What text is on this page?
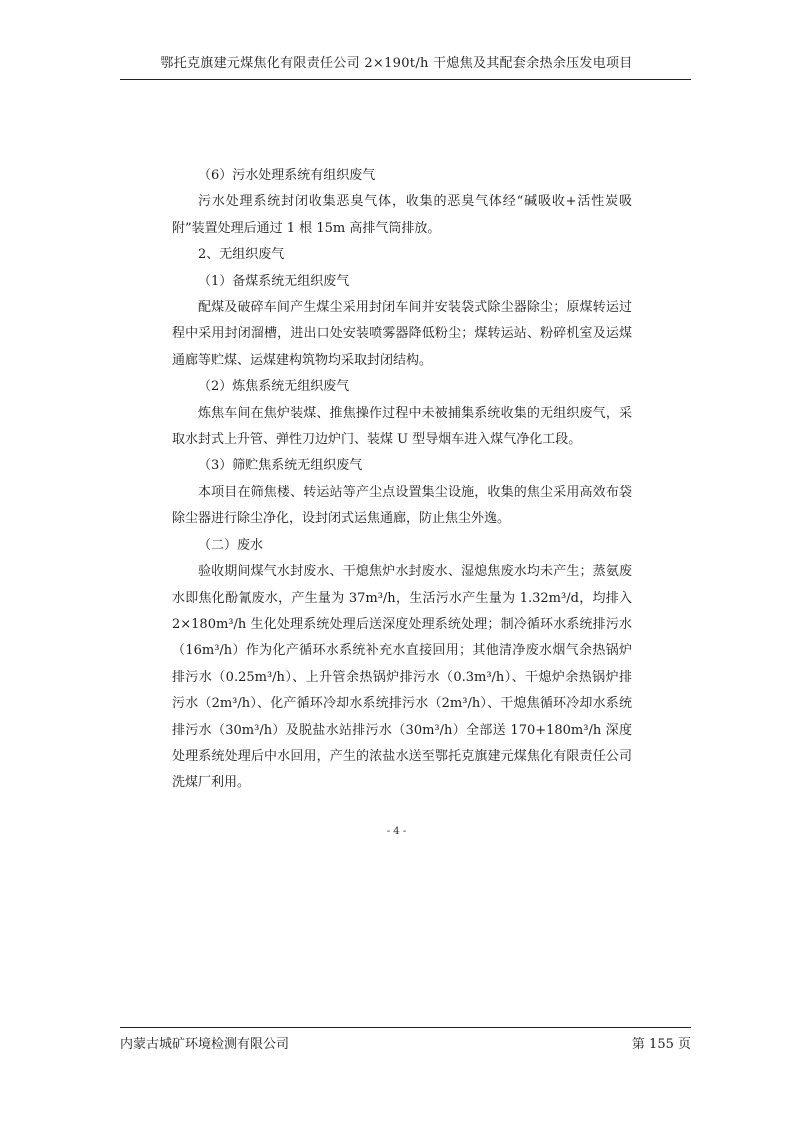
鄂托克旗建元煤焦化有限责任公司 2×190t/h 干熄焦及其配套余热余压发电项目

（6）污水处理系统有组织废气

污水处理系统封闭收集恶臭气体，收集的恶臭气体经“碱吸收+活性炭吸附”装置处理后通过 1 根 15m 高排气筒排放。

2、无组织废气

（1）备煤系统无组织废气

配煤及破碎车间产生煤尘采用封闭车间并安装袋式除尘器除尘；原煤转运过程中采用封闭溜槽，进出口处安装喷雾器降低粉尘；煤转运站、粉碎机室及运煤通廊等贮煤、运煤建构筑物均采取封闭结构。

（2）炼焦系统无组织废气

炼焦车间在焦炉装煤、推焦操作过程中未被捕集系统收集的无组织废气，采取水封式上升管、弹性刀边炉门、装煤 U 型导烟车进入煤气净化工段。

（3）筛贮焦系统无组织废气

本项目在筛焦楼、转运站等产尘点设置集尘设施，收集的焦尘采用高效布袋除尘器进行除尘净化，设封闭式运焦通廊，防止焦尘外逸。

（二）废水

验收期间煤气水封废水、干熄焦炉水封废水、湿熄焦废水均未产生；蒸氨废水即焦化酚氰废水，产生量为 37m³/h，生活污水产生量为 1.32m³/d，均排入 2×180m³/h 生化处理系统处理后送深度处理系统处理；制冷循环水系统排污水（16m³/h）作为化产循环水系统补充水直接回用；其他清净废水烟气余热锅炉排污水（0.25m³/h）、上升管余热锅炉排污水（0.3m³/h）、干熄炉余热锅炉排污水（2m³/h）、化产循环冷却水系统排污水（2m³/h）、干熄焦循环冷却水系统排污水（30m³/h）及脱盐水站排污水（30m³/h）全部送 170+180m³/h 深度处理系统处理后中水回用，产生的浓盐水送至鄂托克旗建元煤焦化有限责任公司洗煤厂利用。

- 4 -
内蒙古城矿环境检测有限公司	第 155 页
